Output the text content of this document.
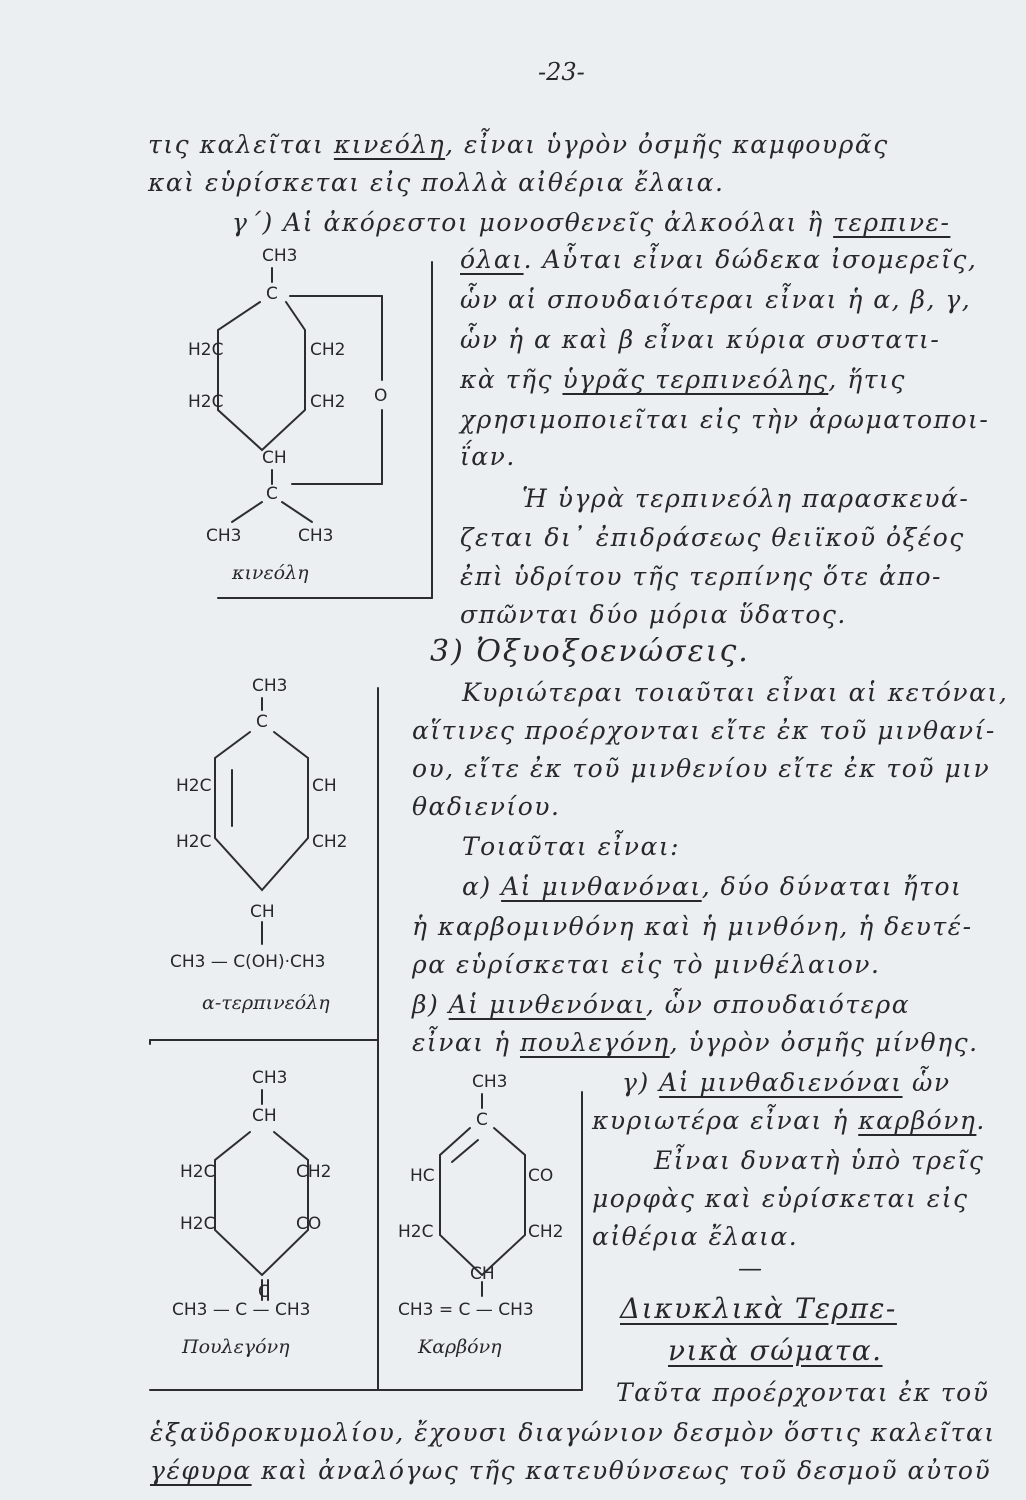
-23-
τις καλεῖται κινεόλη, εἶναι ὑγρὸν ὀσμῆς καμφουρᾶς
καὶ εὑρίσκεται εἰς πολλὰ αἰθέρια ἔλαια.
γ΄) Αἱ ἀκόρεστοι μονοσθενεῖς ἀλκοόλαι ἢ τερπινε-
όλαι. Αὗται εἶναι δώδεκα ἰσομερεῖς,
ὧν αἱ σπουδαιότεραι εἶναι ἡ α, β, γ,
ὧν ἡ α καὶ β εἶναι κύρια συστατι-
κὰ τῆς ὑγρᾶς τερπινεόλης, ἥτις
χρησιμοποιεῖται εἰς τὴν ἀρωματοποι-
ΐαν.
Ἡ ὑγρὰ τερπινεόλη παρασκευά-
ζεται δι᾽ ἐπιδράσεως θειϊκοῦ ὀξέος
ἐπὶ ὑδρίτου τῆς τερπίνης ὅτε ἀπο-
σπῶνται δύο μόρια ὕδατος.
3) Ὀξυοξοενώσεις.
Κυριώτεραι τοιαῦται εἶναι αἱ κετόναι,
αἵτινες προέρχονται εἴτε ἐκ τοῦ μινθανί-
ου, εἴτε ἐκ τοῦ μινθενίου εἴτε ἐκ τοῦ μιν
θαδιενίου.
Τοιαῦται εἶναι:
α) Αἱ μινθανόναι, δύο δύναται ἤτοι
ἡ καρβομινθόνη καὶ ἡ μινθόνη, ἡ δευτέ-
ρα εὑρίσκεται εἰς τὸ μινθέλαιον.
β) Αἱ μινθενόναι, ὧν σπουδαιότερα
εἶναι ἡ πουλεγόνη, ὑγρὸν ὀσμῆς μίνθης.
γ) Αἱ μινθαδιενόναι ὧν
κυριωτέρα εἶναι ἡ καρβόνη.
Εἶναι δυνατὴ ὑπὸ τρεῖς
μορφὰς καὶ εὑρίσκεται εἰς
αἰθέρια ἔλαια.
—
Δικυκλικὰ Τερπε-
νικὰ σώματα.
Ταῦτα προέρχονται ἐκ τοῦ
ἑξαϋδροκυμολίου, ἔχουσι διαγώνιον δεσμὸν ὅστις καλεῖται
γέφυρα καὶ ἀναλόγως τῆς κατευθύνσεως τοῦ δεσμοῦ αὐτοῦ
CH3
C
H2C	CH2
H2C	CH2 O
CH
C
CH3	CH3
κινεόλη
CH3
C
H2C	CH
H2C	CH2
CH
CH3 — C(OH)·CH3
α-τερπινεόλη
CH3
CH
H2C	CH2
H2C	CO
C
CH3 — C — CH3
Πουλεγόνη
CH3
C
HC	CO
H2C	CH2
CH
CH3 = C — CH3
Καρβόνη
